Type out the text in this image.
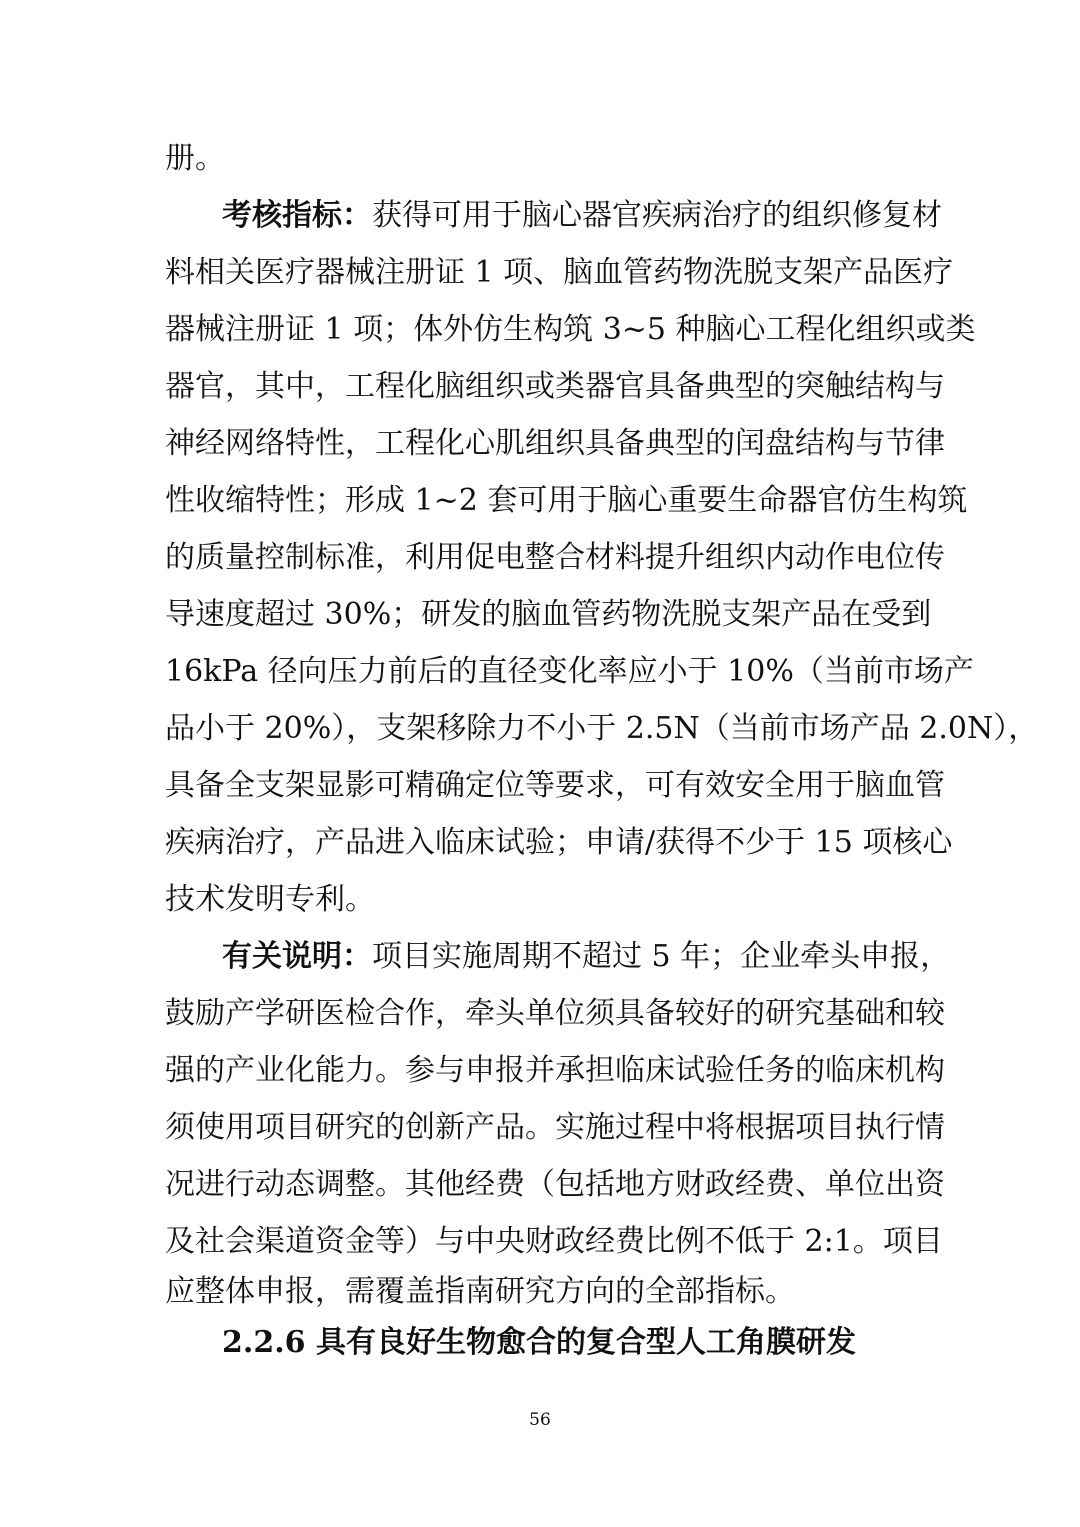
册。
考核指标：获得可用于脑心器官疾病治疗的组织修复材
料相关医疗器械注册证 1 项、脑血管药物洗脱支架产品医疗
器械注册证 1 项；体外仿生构筑 3~5 种脑心工程化组织或类
器官，其中，工程化脑组织或类器官具备典型的突触结构与
神经网络特性，工程化心肌组织具备典型的闰盘结构与节律
性收缩特性；形成 1~2 套可用于脑心重要生命器官仿生构筑
的质量控制标准，利用促电整合材料提升组织内动作电位传
导速度超过 30%；研发的脑血管药物洗脱支架产品在受到
16kPa 径向压力前后的直径变化率应小于 10%（当前市场产
品小于 20%），支架移除力不小于 2.5N（当前市场产品 2.0N），
具备全支架显影可精确定位等要求，可有效安全用于脑血管
疾病治疗，产品进入临床试验；申请/获得不少于 15 项核心
技术发明专利。
有关说明：项目实施周期不超过 5 年；企业牵头申报，
鼓励产学研医检合作，牵头单位须具备较好的研究基础和较
强的产业化能力。参与申报并承担临床试验任务的临床机构
须使用项目研究的创新产品。实施过程中将根据项目执行情
况进行动态调整。其他经费（包括地方财政经费、单位出资
及社会渠道资金等）与中央财政经费比例不低于 2:1。项目
应整体申报，需覆盖指南研究方向的全部指标。
2.2.6 具有良好生物愈合的复合型人工角膜研发
56
